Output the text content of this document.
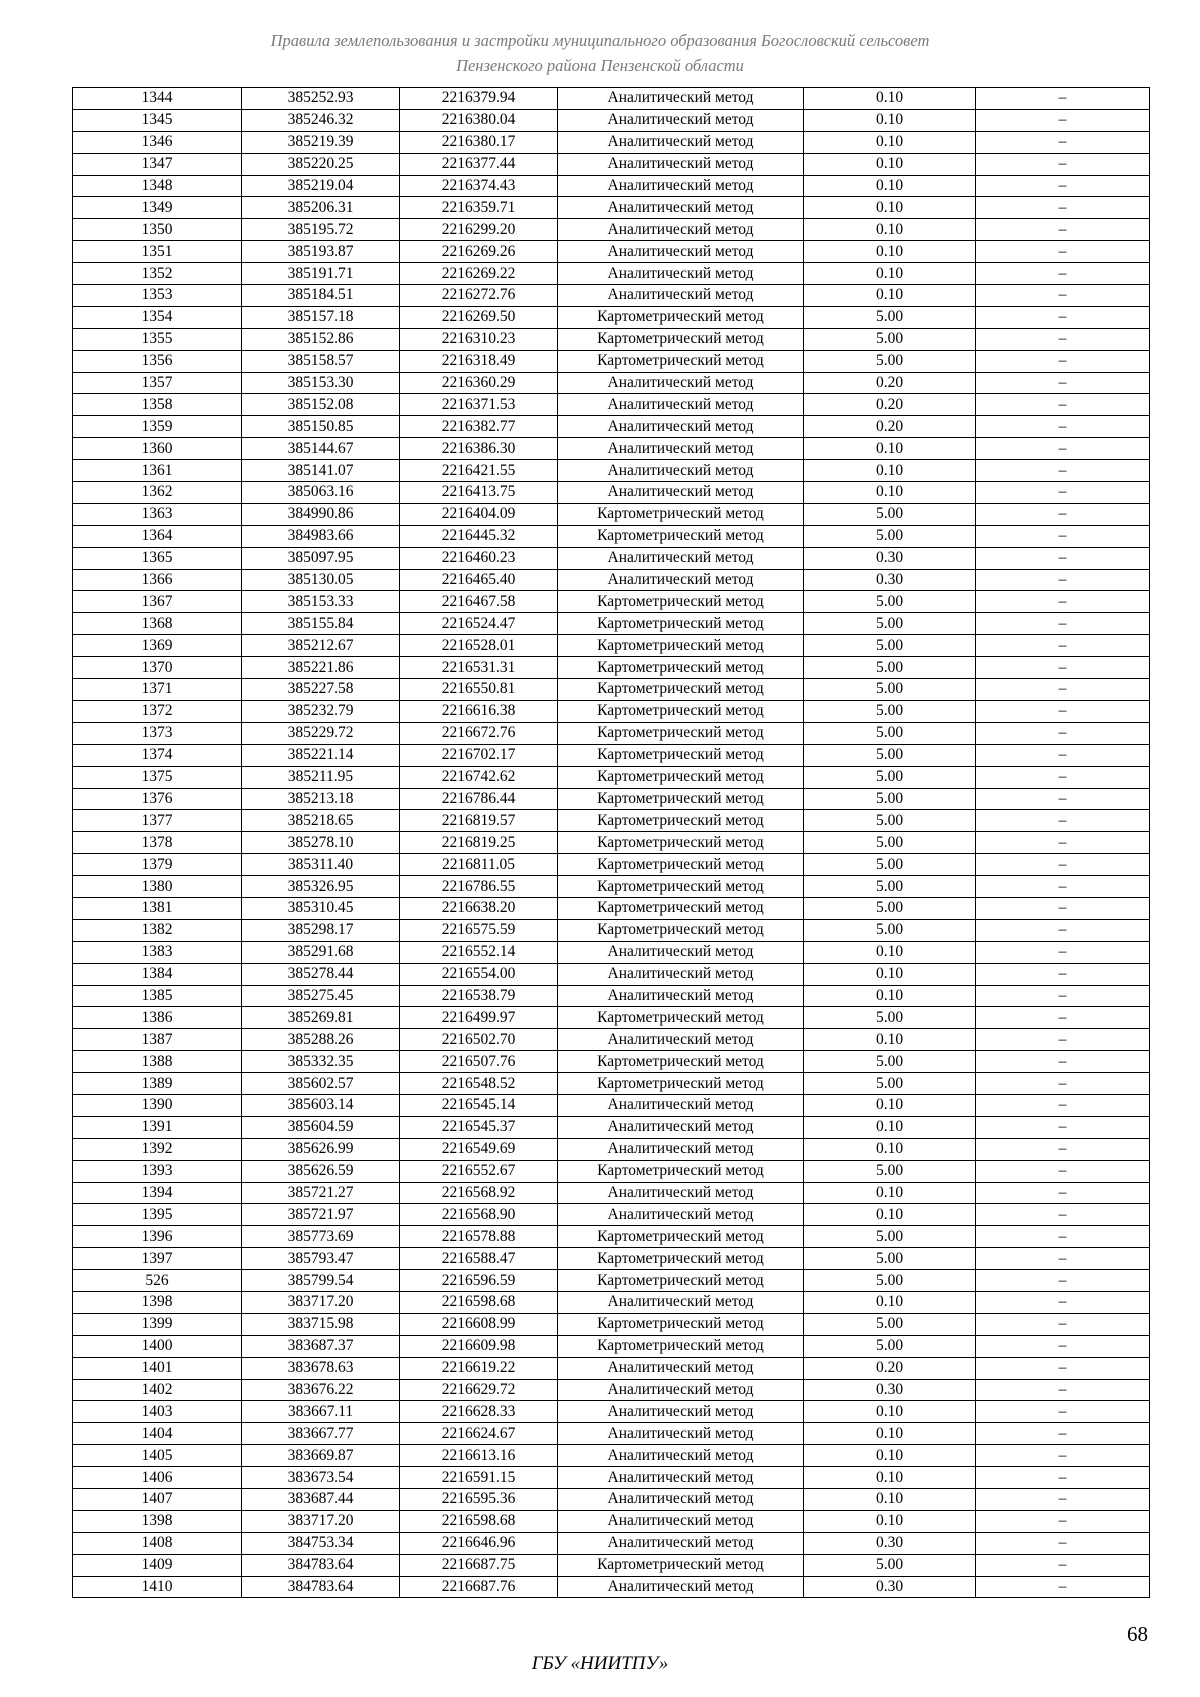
Правила землепользования и застройки муниципального образования Богословский сельсовет
Пензенского района Пензенской области
1344	385252.93	2216379.94	Аналитический метод	0.10	–
1345	385246.32	2216380.04	Аналитический метод	0.10	–
1346	385219.39	2216380.17	Аналитический метод	0.10	–
1347	385220.25	2216377.44	Аналитический метод	0.10	–
1348	385219.04	2216374.43	Аналитический метод	0.10	–
1349	385206.31	2216359.71	Аналитический метод	0.10	–
1350	385195.72	2216299.20	Аналитический метод	0.10	–
1351	385193.87	2216269.26	Аналитический метод	0.10	–
1352	385191.71	2216269.22	Аналитический метод	0.10	–
1353	385184.51	2216272.76	Аналитический метод	0.10	–
1354	385157.18	2216269.50	Картометрический метод	5.00	–
1355	385152.86	2216310.23	Картометрический метод	5.00	–
1356	385158.57	2216318.49	Картометрический метод	5.00	–
1357	385153.30	2216360.29	Аналитический метод	0.20	–
1358	385152.08	2216371.53	Аналитический метод	0.20	–
1359	385150.85	2216382.77	Аналитический метод	0.20	–
1360	385144.67	2216386.30	Аналитический метод	0.10	–
1361	385141.07	2216421.55	Аналитический метод	0.10	–
1362	385063.16	2216413.75	Аналитический метод	0.10	–
1363	384990.86	2216404.09	Картометрический метод	5.00	–
1364	384983.66	2216445.32	Картометрический метод	5.00	–
1365	385097.95	2216460.23	Аналитический метод	0.30	–
1366	385130.05	2216465.40	Аналитический метод	0.30	–
1367	385153.33	2216467.58	Картометрический метод	5.00	–
1368	385155.84	2216524.47	Картометрический метод	5.00	–
1369	385212.67	2216528.01	Картометрический метод	5.00	–
1370	385221.86	2216531.31	Картометрический метод	5.00	–
1371	385227.58	2216550.81	Картометрический метод	5.00	–
1372	385232.79	2216616.38	Картометрический метод	5.00	–
1373	385229.72	2216672.76	Картометрический метод	5.00	–
1374	385221.14	2216702.17	Картометрический метод	5.00	–
1375	385211.95	2216742.62	Картометрический метод	5.00	–
1376	385213.18	2216786.44	Картометрический метод	5.00	–
1377	385218.65	2216819.57	Картометрический метод	5.00	–
1378	385278.10	2216819.25	Картометрический метод	5.00	–
1379	385311.40	2216811.05	Картометрический метод	5.00	–
1380	385326.95	2216786.55	Картометрический метод	5.00	–
1381	385310.45	2216638.20	Картометрический метод	5.00	–
1382	385298.17	2216575.59	Картометрический метод	5.00	–
1383	385291.68	2216552.14	Аналитический метод	0.10	–
1384	385278.44	2216554.00	Аналитический метод	0.10	–
1385	385275.45	2216538.79	Аналитический метод	0.10	–
1386	385269.81	2216499.97	Картометрический метод	5.00	–
1387	385288.26	2216502.70	Аналитический метод	0.10	–
1388	385332.35	2216507.76	Картометрический метод	5.00	–
1389	385602.57	2216548.52	Картометрический метод	5.00	–
1390	385603.14	2216545.14	Аналитический метод	0.10	–
1391	385604.59	2216545.37	Аналитический метод	0.10	–
1392	385626.99	2216549.69	Аналитический метод	0.10	–
1393	385626.59	2216552.67	Картометрический метод	5.00	–
1394	385721.27	2216568.92	Аналитический метод	0.10	–
1395	385721.97	2216568.90	Аналитический метод	0.10	–
1396	385773.69	2216578.88	Картометрический метод	5.00	–
1397	385793.47	2216588.47	Картометрический метод	5.00	–
526	385799.54	2216596.59	Картометрический метод	5.00	–
1398	383717.20	2216598.68	Аналитический метод	0.10	–
1399	383715.98	2216608.99	Картометрический метод	5.00	–
1400	383687.37	2216609.98	Картометрический метод	5.00	–
1401	383678.63	2216619.22	Аналитический метод	0.20	–
1402	383676.22	2216629.72	Аналитический метод	0.30	–
1403	383667.11	2216628.33	Аналитический метод	0.10	–
1404	383667.77	2216624.67	Аналитический метод	0.10	–
1405	383669.87	2216613.16	Аналитический метод	0.10	–
1406	383673.54	2216591.15	Аналитический метод	0.10	–
1407	383687.44	2216595.36	Аналитический метод	0.10	–
1398	383717.20	2216598.68	Аналитический метод	0.10	–
1408	384753.34	2216646.96	Аналитический метод	0.30	–
1409	384783.64	2216687.75	Картометрический метод	5.00	–
1410	384783.64	2216687.76	Аналитический метод	0.30	–
68
ГБУ «НИИТПУ»
